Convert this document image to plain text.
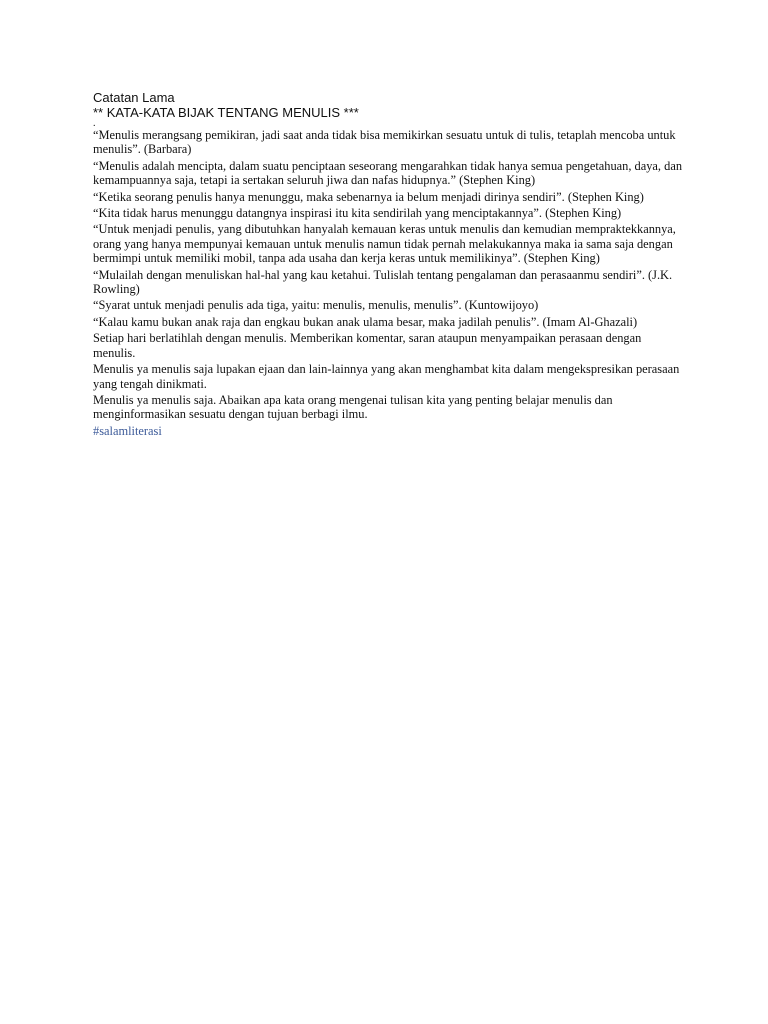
Catatan Lama

** KATA-KATA BIJAK TENTANG MENULIS ***

.

“Menulis merangsang pemikiran, jadi saat anda tidak bisa memikirkan sesuatu untuk di tulis, tetaplah mencoba untuk menulis”. (Barbara)

“Menulis adalah mencipta, dalam suatu penciptaan seseorang mengarahkan tidak hanya semua pengetahuan, daya, dan kemampuannya saja, tetapi ia sertakan seluruh jiwa dan nafas hidupnya.” (Stephen King)

“Ketika seorang penulis hanya menunggu, maka sebenarnya ia belum menjadi dirinya sendiri”. (Stephen King)

“Kita tidak harus menunggu datangnya inspirasi itu kita sendirilah yang menciptakannya”. (Stephen King)

“Untuk menjadi penulis, yang dibutuhkan hanyalah kemauan keras untuk menulis dan kemudian mempraktekkannya, orang yang hanya mempunyai kemauan untuk menulis namun tidak pernah melakukannya maka ia sama saja dengan bermimpi untuk memiliki mobil, tanpa ada usaha dan kerja keras untuk memilikinya”. (Stephen King)

“Mulailah dengan menuliskan hal-hal yang kau ketahui. Tulislah tentang pengalaman dan perasaanmu sendiri”. (J.K. Rowling)

“Syarat untuk menjadi penulis ada tiga, yaitu: menulis, menulis, menulis”. (Kuntowijoyo)

“Kalau kamu bukan anak raja dan engkau bukan anak ulama besar, maka jadilah penulis”. (Imam Al-Ghazali)

Setiap hari berlatihlah dengan menulis. Memberikan komentar, saran ataupun menyampaikan perasaan dengan menulis.

Menulis ya menulis saja lupakan ejaan dan lain-lainnya yang akan menghambat kita dalam mengekspresikan perasaan yang tengah dinikmati.

Menulis ya menulis saja. Abaikan apa kata orang mengenai tulisan kita yang penting belajar menulis dan menginformasikan sesuatu dengan tujuan berbagi ilmu.

#salamliterasi
